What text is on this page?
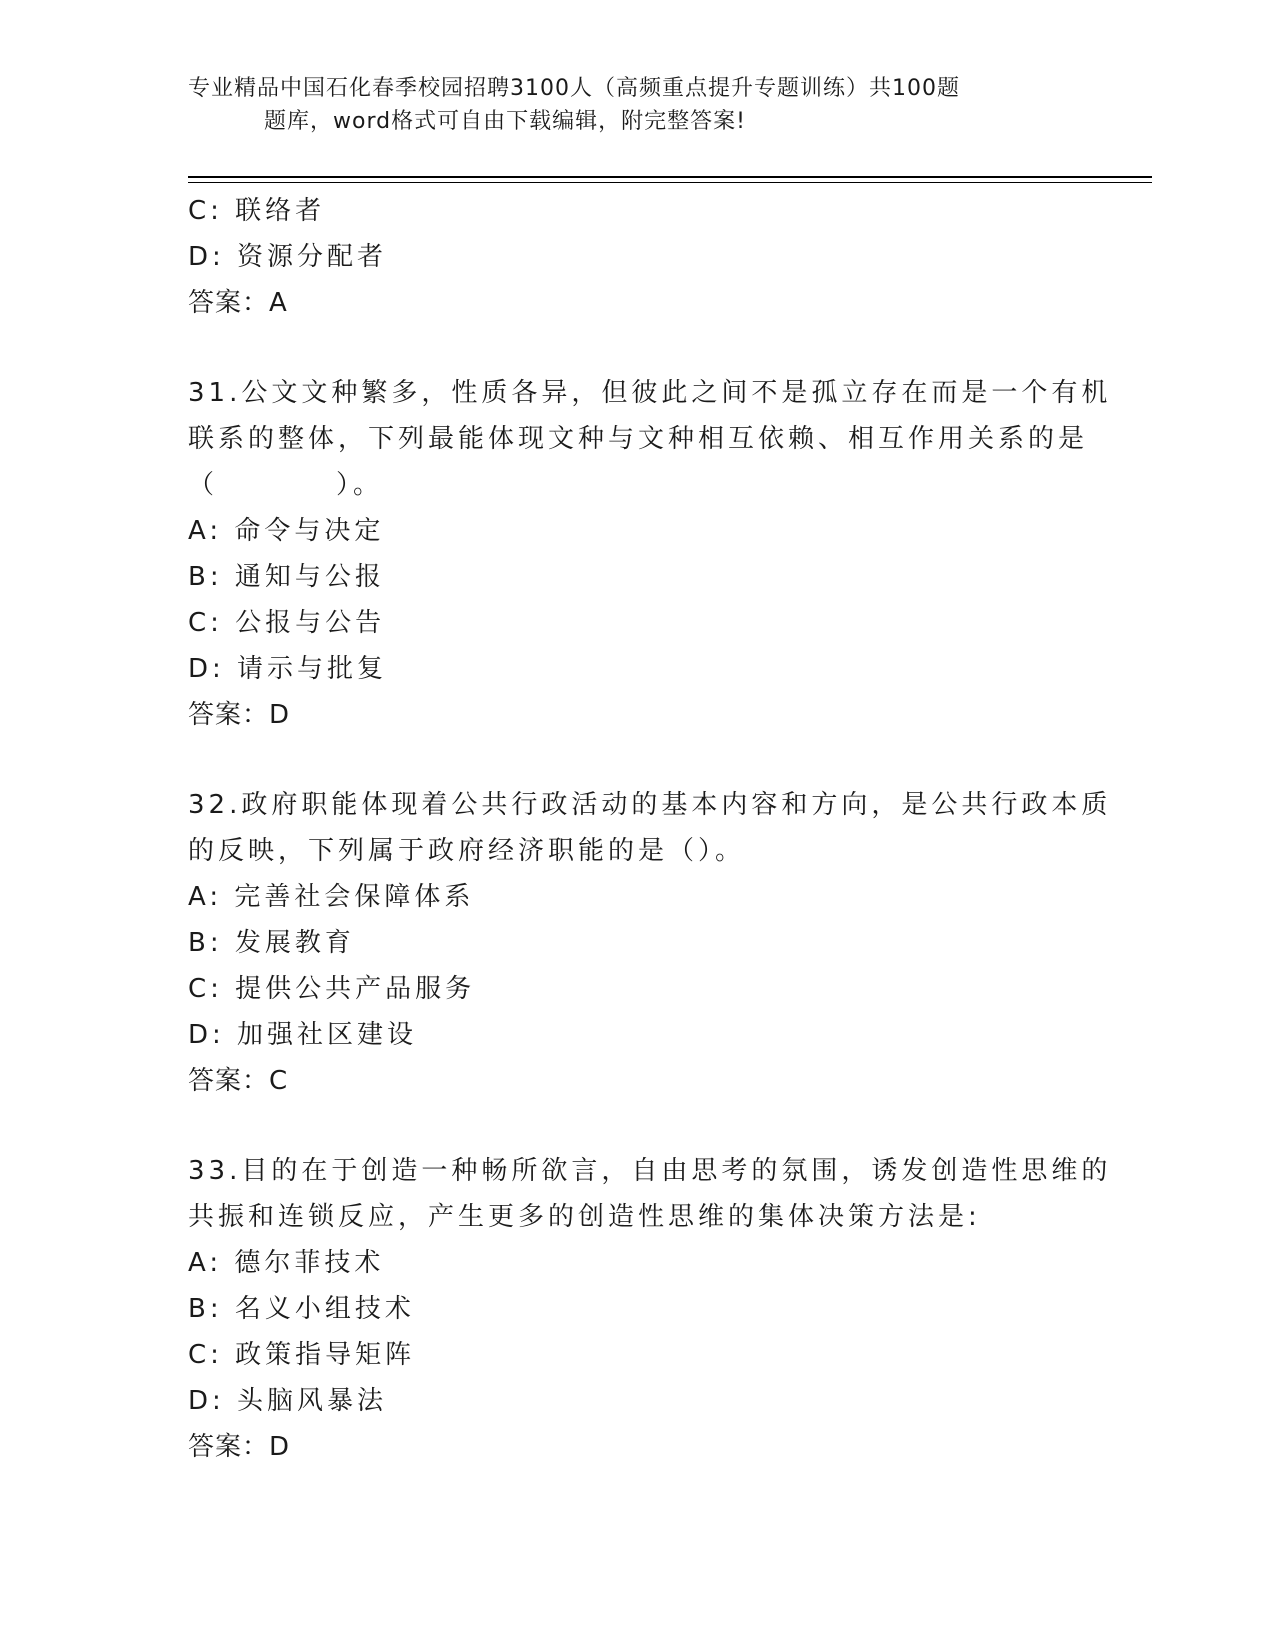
专业精品中国石化春季校园招聘3100人（高频重点提升专题训练）共100题
题库，word格式可自由下载编辑，附完整答案!
C: 联络者
D: 资源分配者
答案：A
31.公文文种繁多，性质各异，但彼此之间不是孤立存在而是一个有机
联系的整体，下列最能体现文种与文种相互依赖、相互作用关系的是
（	）。
A: 命令与决定
B: 通知与公报
C: 公报与公告
D: 请示与批复
答案：D
32.政府职能体现着公共行政活动的基本内容和方向，是公共行政本质
的反映，下列属于政府经济职能的是（）。
A: 完善社会保障体系
B: 发展教育
C: 提供公共产品服务
D: 加强社区建设
答案：C
33.目的在于创造一种畅所欲言，自由思考的氛围，诱发创造性思维的
共振和连锁反应，产生更多的创造性思维的集体决策方法是:
A: 德尔菲技术
B: 名义小组技术
C: 政策指导矩阵
D: 头脑风暴法
答案：D
